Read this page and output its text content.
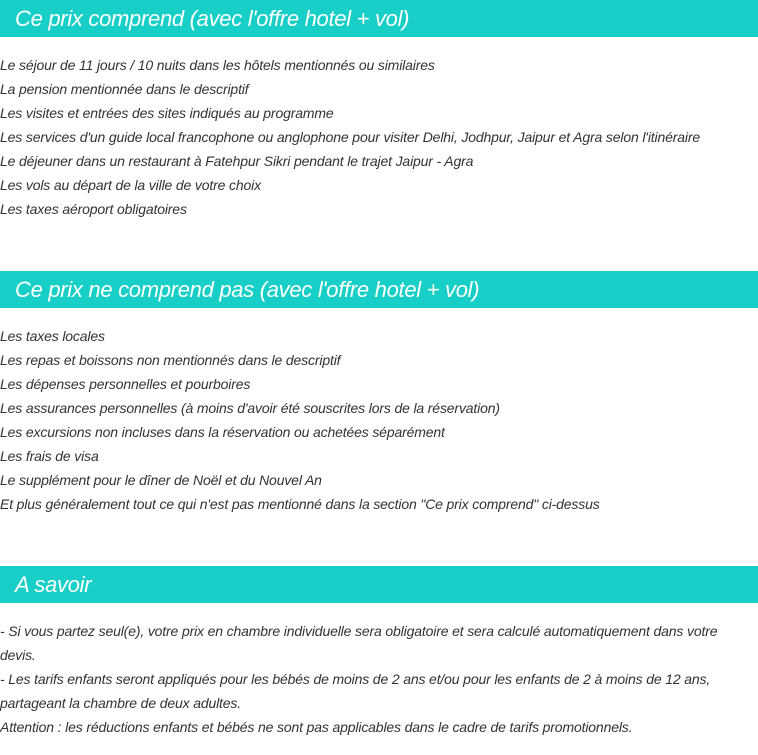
Ce prix comprend (avec l'offre hotel + vol)
Le séjour de 11 jours / 10 nuits dans les hôtels mentionnés ou similaires
La pension mentionnée dans le descriptif
Les visites et entrées des sites indiqués au programme
Les services d'un guide local francophone ou anglophone pour visiter Delhi, Jodhpur, Jaipur et Agra selon l'itinéraire
Le déjeuner dans un restaurant à Fatehpur Sikri pendant le trajet Jaipur - Agra
Les vols au départ de la ville de votre choix
Les taxes aéroport obligatoires
Ce prix ne comprend pas (avec l'offre hotel + vol)
Les taxes locales
Les repas et boissons non mentionnés dans le descriptif
Les dépenses personnelles et pourboires
Les assurances personnelles (à moins d'avoir été souscrites lors de la réservation)
Les excursions non incluses dans la réservation ou achetées séparément
Les frais de visa
Le supplément pour le dîner de Noël et du Nouvel An
Et plus généralement tout ce qui n'est pas mentionné dans la section "Ce prix comprend" ci-dessus
A savoir
- Si vous partez seul(e), votre prix en chambre individuelle sera obligatoire et sera calculé automatiquement dans votre devis.
- Les tarifs enfants seront appliqués pour les bébés de moins de 2 ans et/ou pour les enfants de 2 à moins de 12 ans, partageant la chambre de deux adultes.
Attention : les réductions enfants et bébés ne sont pas applicables dans le cadre de tarifs promotionnels.
